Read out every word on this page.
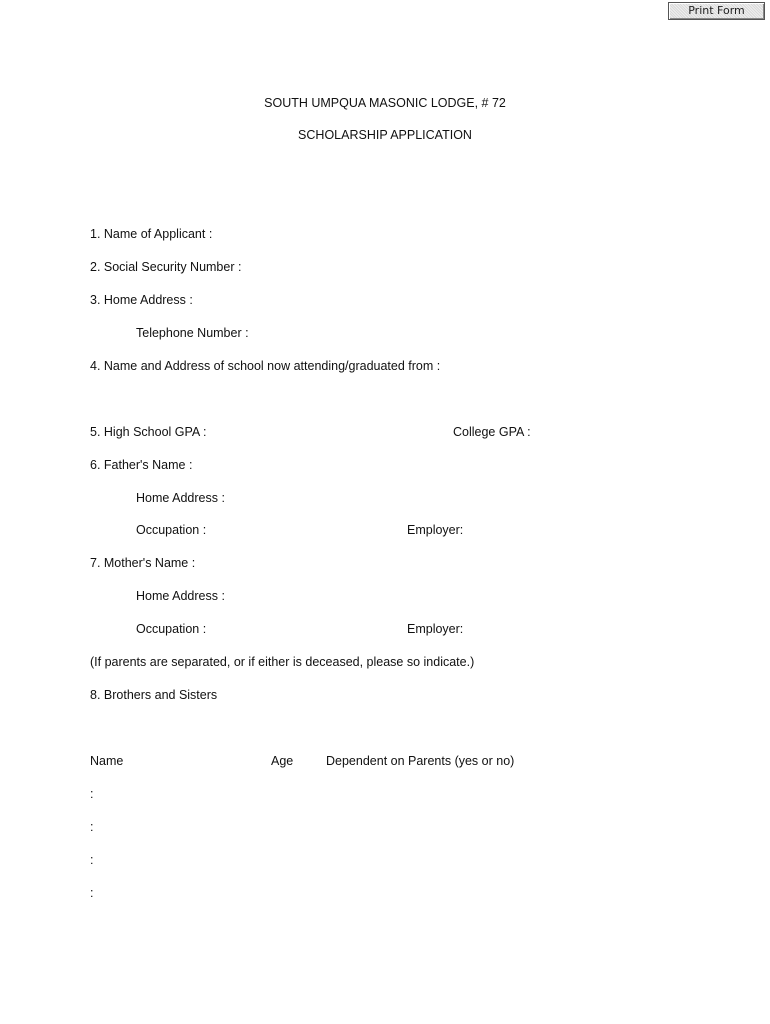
Print Form
SOUTH UMPQUA MASONIC LODGE, # 72
SCHOLARSHIP APPLICATION
1. Name of Applicant :
2. Social Security Number :
3. Home Address :
Telephone Number :
4. Name and Address of school now attending/graduated from :
5. High School GPA :	College GPA :
6. Father's Name :
Home Address :
Occupation :	Employer:
7. Mother's Name :
Home Address :
Occupation :	Employer:
(If parents are separated, or if either is deceased, please so indicate.)
8. Brothers and Sisters
Name	Age	Dependent on Parents (yes or no)
:
:
:
:
